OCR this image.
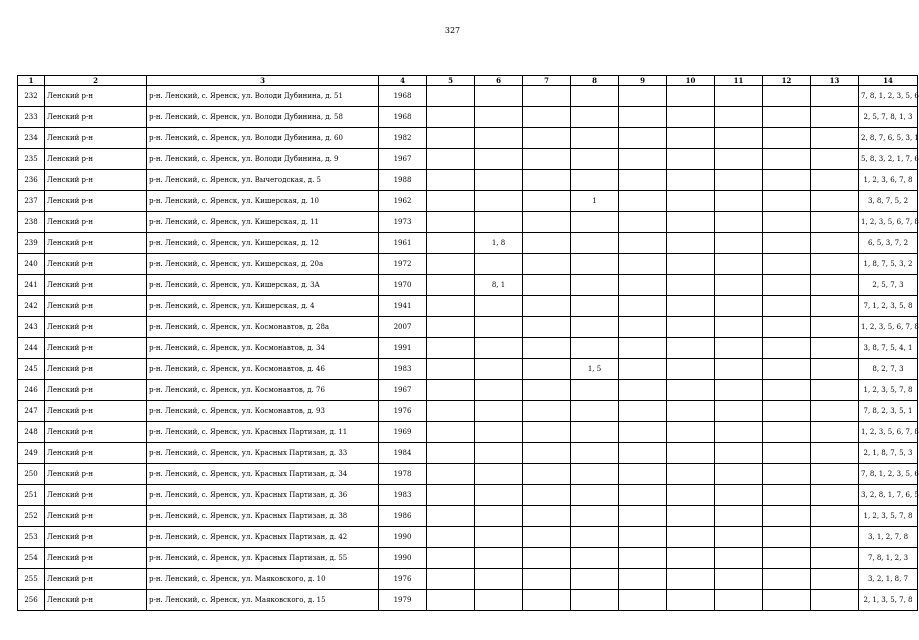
327
1	2	3	4	5	6	7	8	9	10	11	12	13	14
232	Ленский р-н	р-н. Ленский, с. Яренск, ул. Володи Дубинина, д. 51	1968										7, 8, 1, 2, 3, 5, 6
233	Ленский р-н	р-н. Ленский, с. Яренск, ул. Володи Дубинина, д. 58	1968										2, 5, 7, 8, 1, 3
234	Ленский р-н	р-н. Ленский, с. Яренск, ул. Володи Дубинина, д. 60	1982										2, 8, 7, 6, 5, 3, 1
235	Ленский р-н	р-н. Ленский, с. Яренск, ул. Володи Дубинина, д. 9	1967										5, 8, 3, 2, 1, 7, 6
236	Ленский р-н	р-н. Ленский, с. Яренск, ул. Вычегодская, д. 5	1988										1, 2, 3, 6, 7, 8
237	Ленский р-н	р-н. Ленский, с. Яренск, ул. Кишерская, д. 10	1962				1						3, 8, 7, 5, 2
238	Ленский р-н	р-н. Ленский, с. Яренск, ул. Кишерская, д. 11	1973										1, 2, 3, 5, 6, 7, 8
239	Ленский р-н	р-н. Ленский, с. Яренск, ул. Кишерская, д. 12	1961		1, 8								6, 5, 3, 7, 2
240	Ленский р-н	р-н. Ленский, с. Яренск, ул. Кишерская, д. 20а	1972										1, 8, 7, 5, 3, 2
241	Ленский р-н	р-н. Ленский, с. Яренск, ул. Кишерская, д. 3А	1970		8, 1								2, 5, 7, 3
242	Ленский р-н	р-н. Ленский, с. Яренск, ул. Кишерская, д. 4	1941										7, 1, 2, 3, 5, 8
243	Ленский р-н	р-н. Ленский, с. Яренск, ул. Космонавтов, д. 28а	2007										1, 2, 3, 5, 6, 7, 8
244	Ленский р-н	р-н. Ленский, с. Яренск, ул. Космонавтов, д. 34	1991										3, 8, 7, 5, 4, 1
245	Ленский р-н	р-н. Ленский, с. Яренск, ул. Космонавтов, д. 46	1983				1, 5						8, 2, 7, 3
246	Ленский р-н	р-н. Ленский, с. Яренск, ул. Космонавтов, д. 76	1967										1, 2, 3, 5, 7, 8
247	Ленский р-н	р-н. Ленский, с. Яренск, ул. Космонавтов, д. 93	1976										7, 8, 2, 3, 5, 1
248	Ленский р-н	р-н. Ленский, с. Яренск, ул. Красных Партизан, д. 11	1969										1, 2, 3, 5, 6, 7, 8
249	Ленский р-н	р-н. Ленский, с. Яренск, ул. Красных Партизан, д. 33	1984										2, 1, 8, 7, 5, 3
250	Ленский р-н	р-н. Ленский, с. Яренск, ул. Красных Партизан, д. 34	1978										7, 8, 1, 2, 3, 5, 6
251	Ленский р-н	р-н. Ленский, с. Яренск, ул. Красных Партизан, д. 36	1983										3, 2, 8, 1, 7, 6, 5
252	Ленский р-н	р-н. Ленский, с. Яренск, ул. Красных Партизан, д. 38	1986										1, 2, 3, 5, 7, 8
253	Ленский р-н	р-н. Ленский, с. Яренск, ул. Красных Партизан, д. 42	1990										3, 1, 2, 7, 8
254	Ленский р-н	р-н. Ленский, с. Яренск, ул. Красных Партизан, д. 55	1990										7, 8, 1, 2, 3
255	Ленский р-н	р-н. Ленский, с. Яренск, ул. Маяковского, д. 10	1976										3, 2, 1, 8, 7
256	Ленский р-н	р-н. Ленский, с. Яренск, ул. Маяковского, д. 15	1979										2, 1, 3, 5, 7, 8
